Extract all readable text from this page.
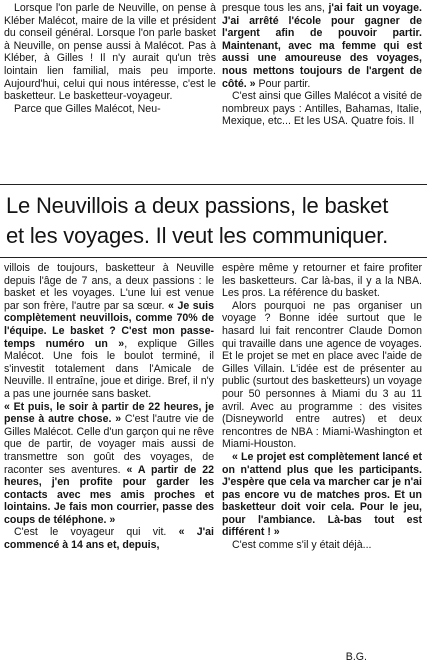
Lorsque l'on parle de Neuville, on pense à Kléber Malécot, maire de la ville et président du conseil général. Lorsque l'on parle basket à Neuville, on pense aussi à Malécot. Pas à Kléber, à Gilles ! Il n'y aurait qu'un très lointain lien familial, mais peu importe. Aujourd'hui, celui qui nous intéresse, c'est le basketteur. Le basketteur-voyageur.

Parce que Gilles Malécot, Neu-

presque tous les ans, j'ai fait un voyage. J'ai arrêté l'école pour gagner de l'argent afin de pouvoir partir. Maintenant, avec ma femme qui est aussi une amoureuse des voyages, nous mettons toujours de l'argent de côté. » Pour partir.

C'est ainsi que Gilles Malécot a visité de nombreux pays : Antilles, Bahamas, Italie, Mexique, etc... Et les USA. Quatre fois. Il

Le Neuvillois a deux passions, le basket
et les voyages. Il veut les communiquer.

villois de toujours, basketteur à Neuville depuis l'âge de 7 ans, a deux passions : le basket et les voyages. L'une lui est venue par son frère, l'autre par sa sœur. « Je suis complètement neuvillois, comme 70% de l'équipe. Le basket ? C'est mon passe-temps numéro un », explique Gilles Malécot. Une fois le boulot terminé, il s'investit totalement dans l'Amicale de Neuville. Il entraîne, joue et dirige. Bref, il n'y a pas une journée sans basket.

« Et puis, le soir à partir de 22 heures, je pense à autre chose. » C'est l'autre vie de Gilles Malécot. Celle d'un garçon qui ne rêve que de partir, de voyager mais aussi de transmettre son goût des voyages, de raconter ses aventures. « A partir de 22 heures, j'en profite pour garder les contacts avec mes amis proches et lointains. Je fais mon courrier, passe des coups de téléphone. »

C'est le voyageur qui vit. « J'ai commencé à 14 ans et, depuis,

espère même y retourner et faire profiter les basketteurs. Car là-bas, il y a la NBA. Les pros. La référence du basket.

Alors pourquoi ne pas organiser un voyage ? Bonne idée surtout que le hasard lui fait rencontrer Claude Domon qui travaille dans une agence de voyages. Et le projet se met en place avec l'aide de Gilles Villain. L'idée est de présenter au public (surtout des basketteurs) un voyage pour 50 personnes à Miami du 3 au 11 avril. Avec au programme : des visites (Disneyworld entre autres) et deux rencontres de NBA : Miami-Washington et Miami-Houston.

« Le projet est complètement lancé et on n'attend plus que les participants. J'espère que cela va marcher car je n'ai pas encore vu de matches pros. Et un basketteur doit voir cela. Pour le jeu, pour l'ambiance. Là-bas tout est différent ! »

C'est comme s'il y était déjà...

B.G.
